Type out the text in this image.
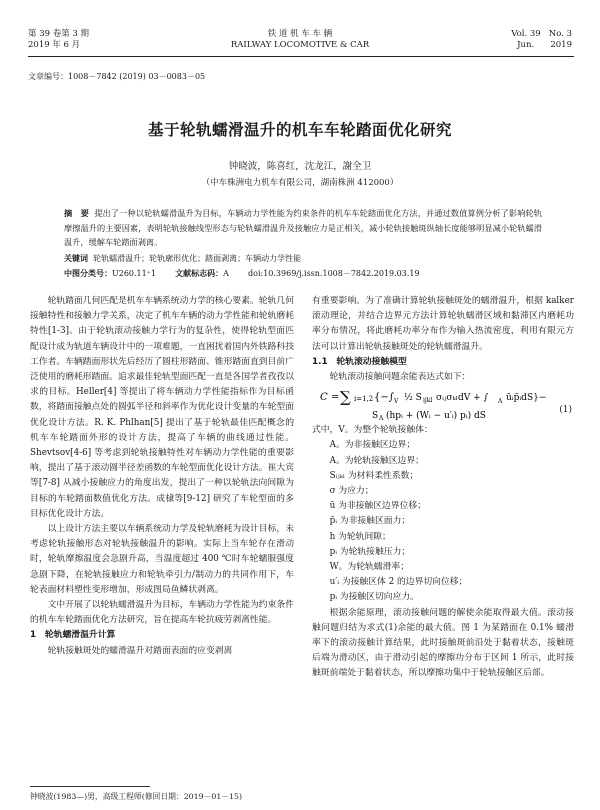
第 39 卷第 3 期
2019 年 6 月
铁 道 机 车 车 辆
RAILWAY LOCOMOTIVE & CAR
Vol. 39   No. 3
Jun.      2019
文章编号：1008－7842 (2019) 03－0083－05
基于轮轨蠕滑温升的机车车轮踏面优化研究
钟晓波，陈喜红，沈龙江，謝全卫
（中车株洲电力机车有限公司，湖南株洲 412000）
摘　要 提出了一种以轮轨蠕滑温升为目标，车辆动力学性能为约束条件的机车车轮踏面优化方法，并通过数值算例分析了影响轮轨摩擦温升的主要因素，表明轮轨接触线型形态与轮轨蠕滑温升及接触应力是正相关，减小轮轨接触斑纵轴长度能够明显减小轮轨蠕滑温升，缓解车轮踏面剥离。
关键词 轮轨蠕滑温升；轮轨廓形优化；踏面剥离；车辆动力学性能
中图分类号：U260.11⁺1 文献标志码：A doi:10.3969/j.issn.1008－7842.2019.03.19

轮轨踏面几何匹配是机车车辆系统动力学的核心要素。轮轨几何接触特性和接触力学关系，决定了机车车辆的动力学性能和轮轨磨耗特性[1-3]。由于轮轨滚动接触力学行为的复杂性，使得轮轨型面匹配设计成为轨道车辆设计中的一项难题，一直困扰着国内外铁路科技工作者。车辆踏面形状先后经历了圆柱形踏面、锥形踏面直到目前广泛使用的磨耗形踏面。追求最佳轮轨型面匹配一直是各国学者孜孜以求的目标。Heller[4] 等提出了将车辆动力学性能指标作为目标函数，将踏面接触点处的圆弧半径和斜率作为优化设计变量的车轮型面优化设计方法。R. K. Phlhan[5] 提出了基于轮轨最佳匹配概念的机车车轮踏面外形的设计方法，提高了车辆的曲线通过性能。Shevtsov[4-6] 等考虑到轮轨接触特性对车辆动力学性能的重要影响，提出了基于滚动圆半径差函数的车轮型面优化设计方法。崔大宾等[7-8] 从减小接触应力的角度出发，提出了一种以轮轨法向间隙为目标的车轮踏面数值优化方法。成棣等[9-12] 研究了车轮型面的多目标优化设计方法。

以上设计方法主要以车辆系统动力学及轮轨磨耗为设计目标，未考虑轮轨接触形态对轮轨接触温升的影响。实际上当车轮存在滑动时，轮轨摩擦温度会急剧升高，当温度超过 400 ℃时车轮蠕服强度急剧下降，在轮轨接触应力和轮轨牵引力/制动力的共同作用下，车轮表面材料塑性变形增加，形成图局鱼鳞状剥离。

文中开展了以轮轨蠕滑温升为目标，车辆动力学性能为约束条件的机车车轮踏面优化方法研究，旨在提高车轮抗疲劳剥离性能。

1　轮轨蠕滑温升计算

轮轨接触斑处的蠕滑温升对踏面表面的应变剥离

有重要影响。为了准确计算轮轨接触斑处的蠕滑温升，根据 kalker 滚动理论，并结合边界元方法计算轮轨蠕滑区域和黏滞区内磨耗功率分布情况，将此磨耗功率分布作为输入热流密度，利用有限元方法可以计算出轮轨接触斑处的轮轨蠕滑温升。

1.1　轮轨滚动接触模型

轮轨滚动接触问题余能表达式如下：

C = ∑ i=1,2 {−∫ V ½ S ijkl σᵢⱼσₖₗdV + ∫ A ūᵢp̄ᵢdS}−
S A (hpᵢ + (Wᵢ − u′ᵢ) pᵢ) dS
(1)

式中，V。为整个轮轨接触体：

A。为非接触区边界；
A。为轮轨接触区边界；
Sᵢⱼₖₗ 为材料柔性系数；
σ 为应力；
ū 为非接触区边界位移；
p̄ᵢ 为非接触区面力；
h 为轮轨间隙；
pᵢ 为轮轨接触压力；
W。为轮轨蠕滑率；
u′ᵢ 为接触区体 2 的边界切向位移；
pᵢ 为接触区切向应力。

根据余能原理，滚动接触问题的解使余能取得最大值。滚动接触问题归结为求式(1)余能的最大值。图 1 为某踏面在 0.1% 蠕滑率下的滚动接触计算结果，此时接触斑前沿处于黏着状态，接触斑后端为滑动区，由于滑动引起的摩擦功分布于区间 1 所示，此时接触斑前端处于黏着状态，所以摩擦功集中于轮轨接触区后部。

钟晓波(1983—)男，高级工程师(修回日期：2019－01－15)
